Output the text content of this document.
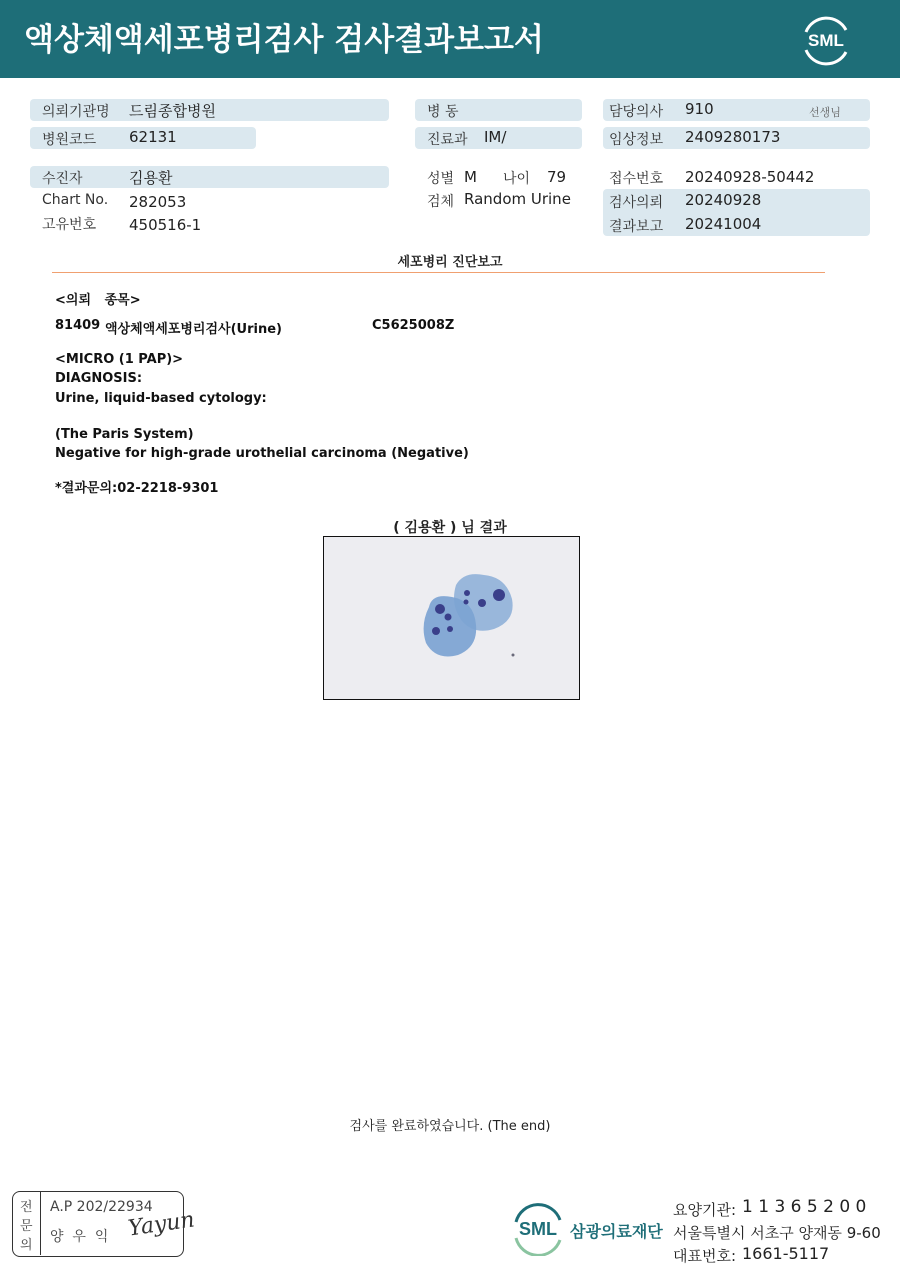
액상체액세포병리검사 검사결과보고서	SML
의뢰기관명 드림종합병원
병원코드 62131
수진자	김용환
Chart No. 282053
고유번호 450516-1
병 동
진료과 IM/
성별 M 나이 79
검체 Random Urine
담당의사 910	선생님
임상정보 2409280173
접수번호 20240928-50442
검사의뢰 20240928
결과보고 20241004
세포병리 진단보고
<의뢰   종목>
81409 액상체액세포병리검사(Urine)	C5625008Z
<MICRO (1 PAP)>
DIAGNOSIS:
Urine, liquid-based cytology:
(The Paris System)
Negative for high-grade urothelial carcinoma (Negative)
*결과문의:02-2218-9301
( 김용환 ) 님 결과
검사를 완료하였습니다. (The end)
전
문
의
A.P 202/22934
양  우  익 Yayun	SML 삼광의료재단
요양기관: 1 1 3 6 5 2 0 0
서울특별시 서초구 양재동 9-60
대표번호: 1661-5117
